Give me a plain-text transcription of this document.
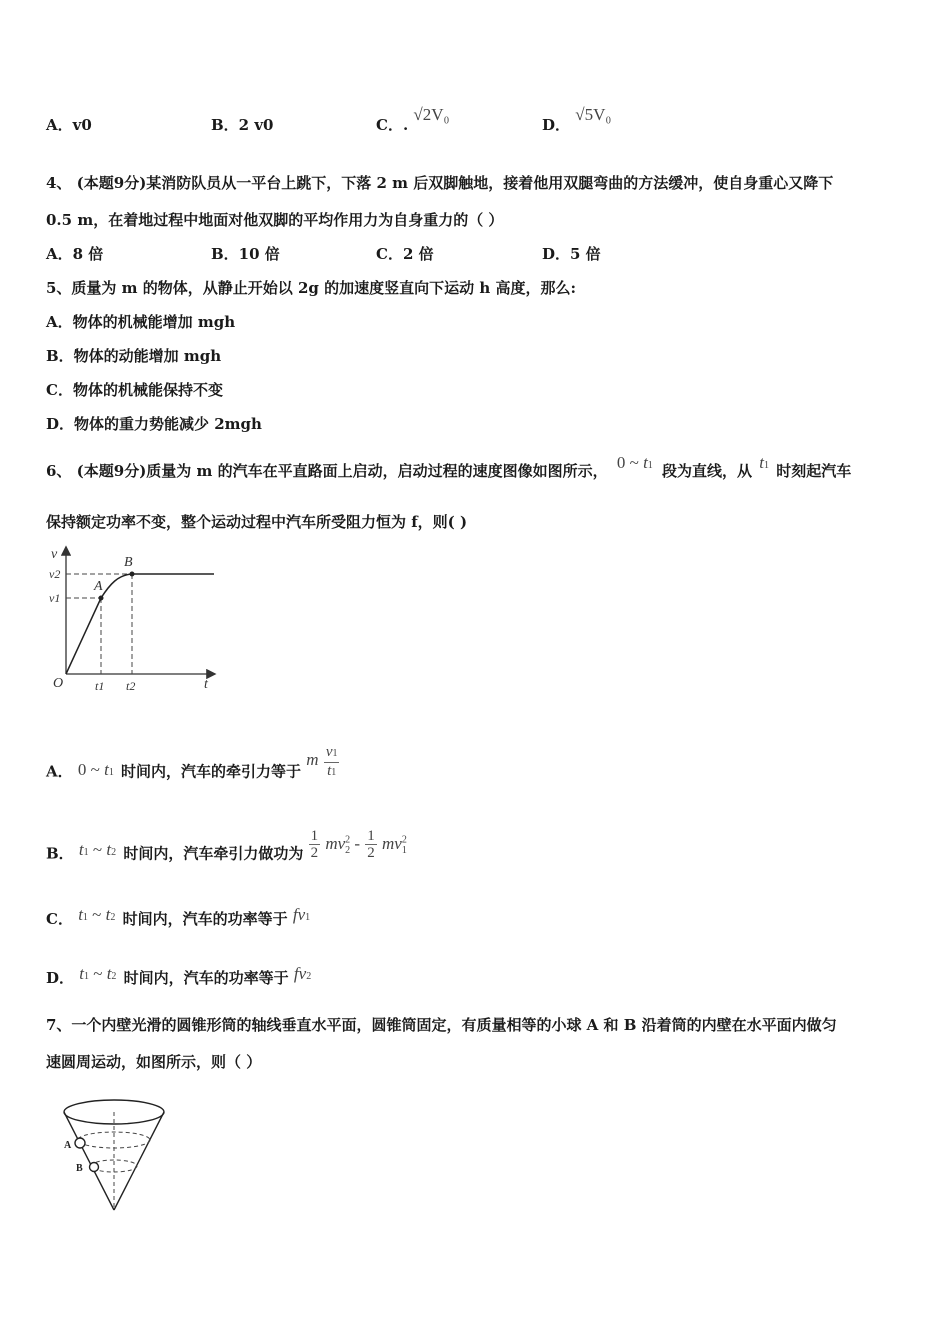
A．v0	B．2 v0	C．. √2V₀
D． √5V₀
4、 (本题9分)某消防队员从一平台上跳下，下落 2 m 后双脚触地，接着他用双腿弯曲的方法缓冲，使自身重心又降下
0.5 m，在着地过程中地面对他双脚的平均作用力为自身重力的（ ）
A．8 倍	B．10 倍	C．2 倍	D．5 倍
5、质量为 m 的物体，从静止开始以 2g 的加速度竖直向下运动 h 高度，那么:
A．物体的机械能增加 mgh
B．物体的动能增加 mgh
C．物体的机械能保持不变
D．物体的重力势能减少 2mgh
6、 (本题9分)质量为 m 的汽车在平直路面上启动，启动过程的速度图像如图所示， 0 ~ t1 段为直线，从 t1 时刻起汽车
保持额定功率不变，整个运动过程中汽车所受阻力恒为 f，则( )
v
t
O
v2
v1
t1 t2
A
B
A． 0 ~ t1 时间内，汽车的牵引力等于 m $\frac{v1}{t1}$
B． t1 ~ t2 时间内，汽车牵引力做功为 $\frac{1}{2} mv^2_2 - \frac{1}{2} mv^2_1$
C． t1 ~ t2 时间内，汽车的功率等于 fv1
D． t1 ~ t2 时间内，汽车的功率等于 fv2
7、一个内壁光滑的圆锥形筒的轴线垂直水平面，圆锥筒固定，有质量相等的小球 A 和 B 沿着筒的内壁在水平面内做匀
速圆周运动，如图所示，则（ ）
A
B
